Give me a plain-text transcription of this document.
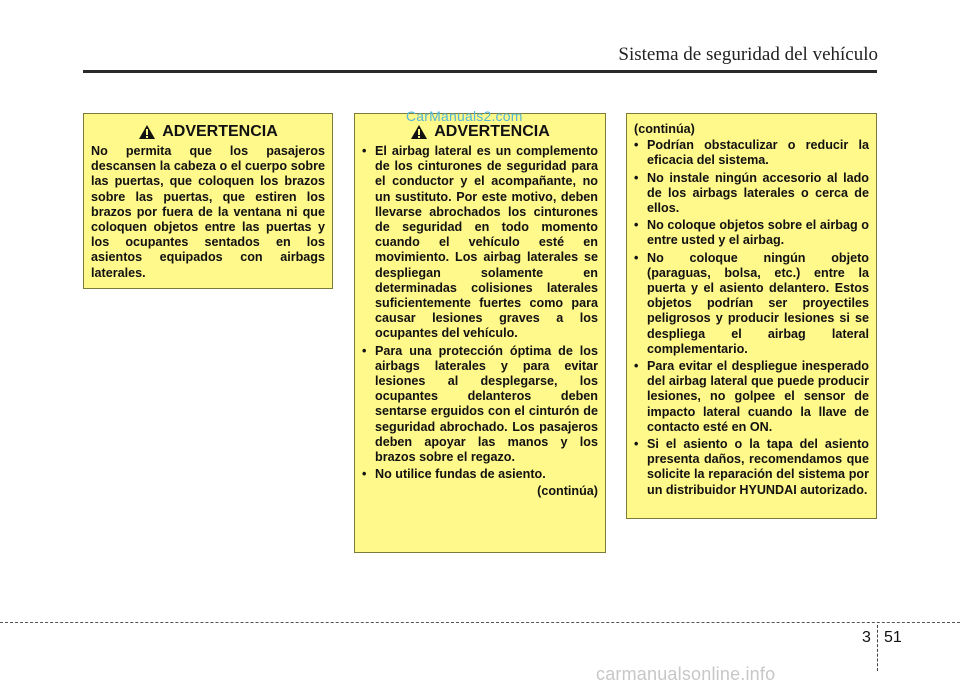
Sistema de seguridad del vehículo
ADVERTENCIA
No permita que los pasajeros descansen la cabeza o el cuerpo sobre las puertas, que coloquen los brazos sobre las puertas, que estiren los brazos por fuera de la ventana ni que coloquen objetos entre las puertas y los ocupantes sentados en los asientos equipados con airbags laterales.
ADVERTENCIA
• El airbag lateral es un complemento de los cinturones de seguridad para el conductor y el acompañante, no un sustituto. Por este motivo, deben llevarse abrochados los cinturones de seguridad en todo momento cuando el vehículo esté en movimiento. Los airbag laterales se despliegan solamente en determinadas colisiones laterales suficientemente fuertes como para causar lesiones graves a los ocupantes del vehículo.
• Para una protección óptima de los airbags laterales y para evitar lesiones al desplegarse, los ocupantes delanteros deben sentarse erguidos con el cinturón de seguridad abrochado. Los pasajeros deben apoyar las manos y los brazos sobre el regazo.
• No utilice fundas de asiento.
(continúa)
(continúa)
• Podrían obstaculizar o reducir la eficacia del sistema.
• No instale ningún accesorio al lado de los airbags laterales o cerca de ellos.
• No coloque objetos sobre el airbag o entre usted y el airbag.
• No coloque ningún objeto (paraguas, bolsa, etc.) entre la puerta y el asiento delantero. Estos objetos podrían ser proyectiles peligrosos y producir lesiones si se despliega el airbag lateral complementario.
• Para evitar el despliegue inesperado del airbag lateral que puede producir lesiones, no golpee el sensor de impacto lateral cuando la llave de contacto esté en ON.
• Si el asiento o la tapa del asiento presenta daños, recomendamos que solicite la reparación del sistema por un distribuidor HYUNDAI autorizado.
CarManuals2.com
3 51
carmanualsonline.info
